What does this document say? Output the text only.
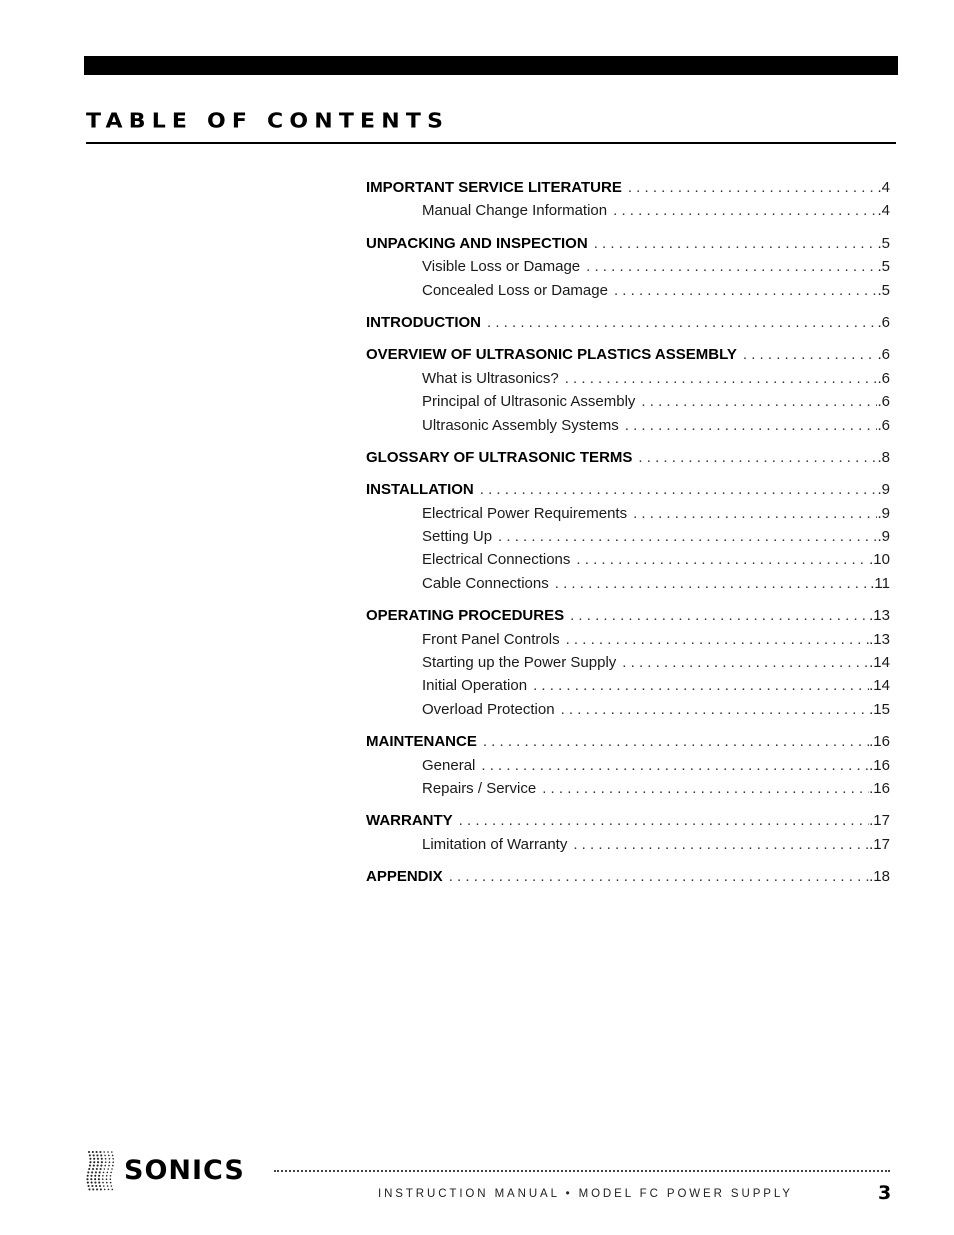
TABLE OF CONTENTS
IMPORTANT SERVICE LITERATURE . . .	.4
Manual Change Information . . .	.4
UNPACKING AND INSPECTION . . .	.5
Visible Loss or Damage . . .	.5
Concealed Loss or Damage . . .	.5
INTRODUCTION . . .	.6
OVERVIEW OF ULTRASONIC PLASTICS ASSEMBLY . . .	.6
What is Ultrasonics? . . .	.6
Principal of Ultrasonic Assembly . . .	.6
Ultrasonic Assembly Systems . . .	.6
GLOSSARY OF ULTRASONIC TERMS . . .	.8
INSTALLATION . . .	.9
Electrical Power Requirements . . .	.9
Setting Up . . .	.9
Electrical Connections . . .	.10
Cable Connections . . .	.11
OPERATING PROCEDURES . . .	.13
Front Panel Controls . . .	.13
Starting up the Power Supply . . .	.14
Initial Operation . . .	.14
Overload Protection . . .	.15
MAINTENANCE . . .	.16
General . . .	.16
Repairs / Service . . .	.16
WARRANTY . . .	.17
Limitation of Warranty . . .	.17
APPENDIX . . .	.18
SONICS
INSTRUCTION MANUAL • MODEL FC POWER SUPPLY	3
